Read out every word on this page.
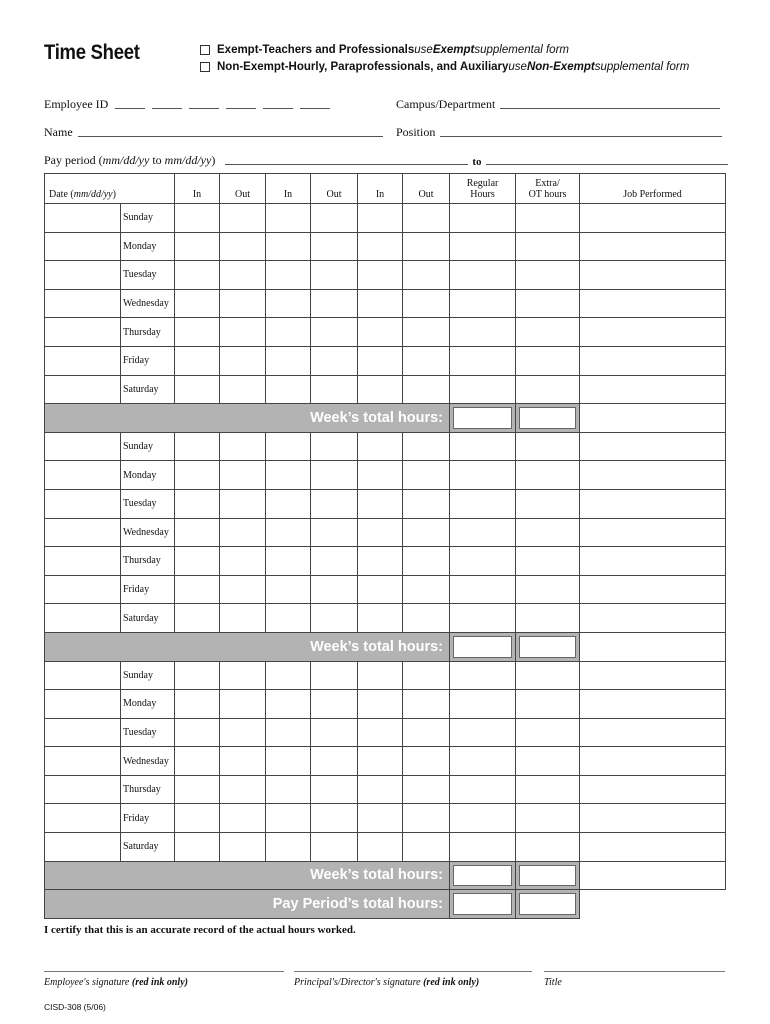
Time Sheet	Exempt-Teachers and Professionals use Exempt supplemental form
Non-Exempt-Hourly, Paraprofessionals, and Auxiliary use Non-Exempt supplemental form
Employee ID	Campus/Department
Name	Position
Pay period (mm/dd/yy to mm/dd/yy)	to
Date (mm/dd/yy)		In	Out	In	Out	In	Out	Regular Hours	Extra/ OT hours	Job Performed
	Sunday									
	Monday									
	Tuesday									
	Wednesday									
	Thursday									
	Friday									
	Saturday									
Week’s total hours:								

	Sunday									
	Monday									
	Tuesday									
	Wednesday									
	Thursday									
	Friday									
	Saturday									
Week’s total hours:								

	Sunday									
	Monday									
	Tuesday									
	Wednesday									
	Thursday									
	Friday									
	Saturday									
Week’s total hours:								

Pay Period’s total hours:								

I certify that this is an accurate record of the actual hours worked.
Employee's signature (red ink only)	Principal's/Director's signature (red ink only)	Title
CISD-308 (5/06)
